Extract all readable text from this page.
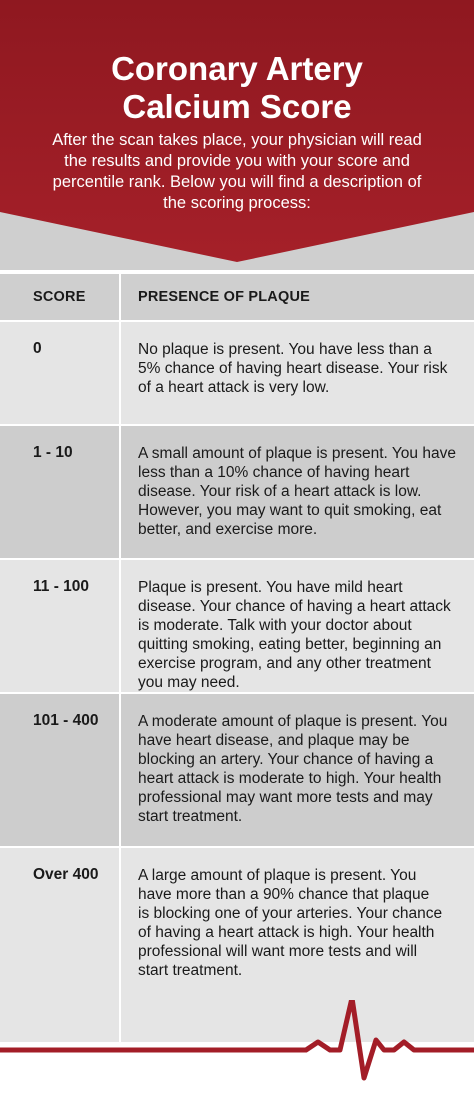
Coronary Artery
Calcium Score
After the scan takes place, your physician will read the results and provide you with your score and percentile rank. Below you will find a description of the scoring process:
SCORE	PRESENCE OF PLAQUE
0	No plaque is present. You have less than a 5% chance of having heart disease. Your risk of a heart attack is very low.
1 - 10	A small amount of plaque is present. You have less than a 10% chance of having heart disease. Your risk of a heart attack is low. However, you may want to quit smoking, eat better, and exercise more.
11 - 100	Plaque is present. You have mild heart disease. Your chance of having a heart attack is moderate. Talk with your doctor about quitting smoking, eating better, beginning an exercise program, and any other treatment you may need.
101 - 400	A moderate amount of plaque is present. You have heart disease, and plaque may be blocking an artery. Your chance of having a heart attack is moderate to high. Your health professional may want more tests and may start treatment.
Over 400	A large amount of plaque is present. You have more than a 90% chance that plaque is blocking one of your arteries. Your chance of having a heart attack is high. Your health professional will want more tests and will start treatment.
